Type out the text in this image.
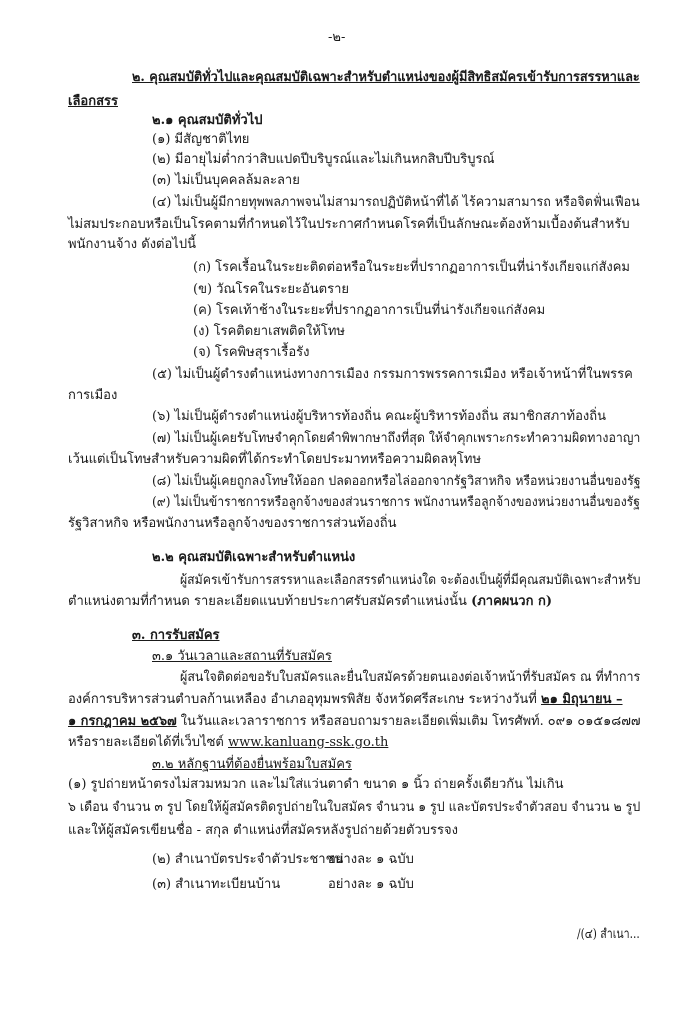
-๒-
๒. คุณสมบัติทั่วไปและคุณสมบัติเฉพาะสำหรับตำแหน่งของผู้มีสิทธิสมัครเข้ารับการสรรหาและ
เลือกสรร
๒.๑ คุณสมบัติทั่วไป
(๑) มีสัญชาติไทย
(๒) มีอายุไม่ต่ำกว่าสิบแปดปีบริบูรณ์และไม่เกินหกสิบปีบริบูรณ์
(๓) ไม่เป็นบุคคลล้มละลาย
(๔) ไม่เป็นผู้มีกายทุพพลภาพจนไม่สามารถปฏิบัติหน้าที่ได้ ไร้ความสามารถ หรือจิตฟั่นเฟือน
ไม่สมประกอบหรือเป็นโรคตามที่กำหนดไว้ในประกาศกำหนดโรคที่เป็นลักษณะต้องห้ามเบื้องต้นสำหรับ
พนักงานจ้าง ดังต่อไปนี้
(ก) โรคเรื้อนในระยะติดต่อหรือในระยะที่ปรากฏอาการเป็นที่น่ารังเกียจแก่สังคม
(ข) วัณโรคในระยะอันตราย
(ค) โรคเท้าช้างในระยะที่ปรากฏอาการเป็นที่น่ารังเกียจแก่สังคม
(ง) โรคติดยาเสพติดให้โทษ
(จ) โรคพิษสุราเรื้อรัง
(๕) ไม่เป็นผู้ดำรงตำแหน่งทางการเมือง กรรมการพรรคการเมือง หรือเจ้าหน้าที่ในพรรค
การเมือง
(๖) ไม่เป็นผู้ดำรงตำแหน่งผู้บริหารท้องถิ่น คณะผู้บริหารท้องถิ่น สมาชิกสภาท้องถิ่น
(๗) ไม่เป็นผู้เคยรับโทษจำคุกโดยคำพิพากษาถึงที่สุด ให้จำคุกเพราะกระทำความผิดทางอาญา
เว้นแต่เป็นโทษสำหรับความผิดที่ได้กระทำโดยประมาทหรือความผิดลหุโทษ
(๘) ไม่เป็นผู้เคยถูกลงโทษให้ออก ปลดออกหรือไล่ออกจากรัฐวิสาหกิจ หรือหน่วยงานอื่นของรัฐ
(๙) ไม่เป็นข้าราชการหรือลูกจ้างของส่วนราชการ พนักงานหรือลูกจ้างของหน่วยงานอื่นของรัฐ
รัฐวิสาหกิจ หรือพนักงานหรือลูกจ้างของราชการส่วนท้องถิ่น
๒.๒ คุณสมบัติเฉพาะสำหรับตำแหน่ง
ผู้สมัครเข้ารับการสรรหาและเลือกสรรตำแหน่งใด จะต้องเป็นผู้ที่มีคุณสมบัติเฉพาะสำหรับ
ตำแหน่งตามที่กำหนด รายละเอียดแนบท้ายประกาศรับสมัครตำแหน่งนั้น (ภาคผนวก ก)
๓. การรับสมัคร
๓.๑ วันเวลาและสถานที่รับสมัคร
ผู้สนใจติดต่อขอรับใบสมัครและยื่นใบสมัครด้วยตนเองต่อเจ้าหน้าที่รับสมัคร ณ ที่ทำการ
องค์การบริหารส่วนตำบลก้านเหลือง อำเภออุทุมพรพิสัย จังหวัดศรีสะเกษ ระหว่างวันที่ ๒๑ มิถุนายน –
๑ กรกฎาคม ๒๕๖๗ ในวันและเวลาราชการ หรือสอบถามรายละเอียดเพิ่มเติม โทรศัพท์. ๐๙๑ ๐๑๕๑๘๗๗
หรือรายละเอียดได้ที่เว็บไซต์ www.kanluang-ssk.go.th
๓.๒ หลักฐานที่ต้องยื่นพร้อมใบสมัคร
(๑) รูปถ่ายหน้าตรงไม่สวมหมวก และไม่ใส่แว่นตาดำ ขนาด ๑ นิ้ว ถ่ายครั้งเดียวกัน ไม่เกิน
๖ เดือน จำนวน ๓ รูป โดยให้ผู้สมัครติดรูปถ่ายในใบสมัคร จำนวน ๑ รูป และบัตรประจำตัวสอบ จำนวน ๒ รูป
และให้ผู้สมัครเขียนชื่อ - สกุล ตำแหน่งที่สมัครหลังรูปถ่ายด้วยตัวบรรจง
(๒) สำเนาบัตรประจำตัวประชาชน
อย่างละ ๑ ฉบับ
(๓) สำเนาทะเบียนบ้าน	อย่างละ ๑ ฉบับ
/(๔) สำเนา...
